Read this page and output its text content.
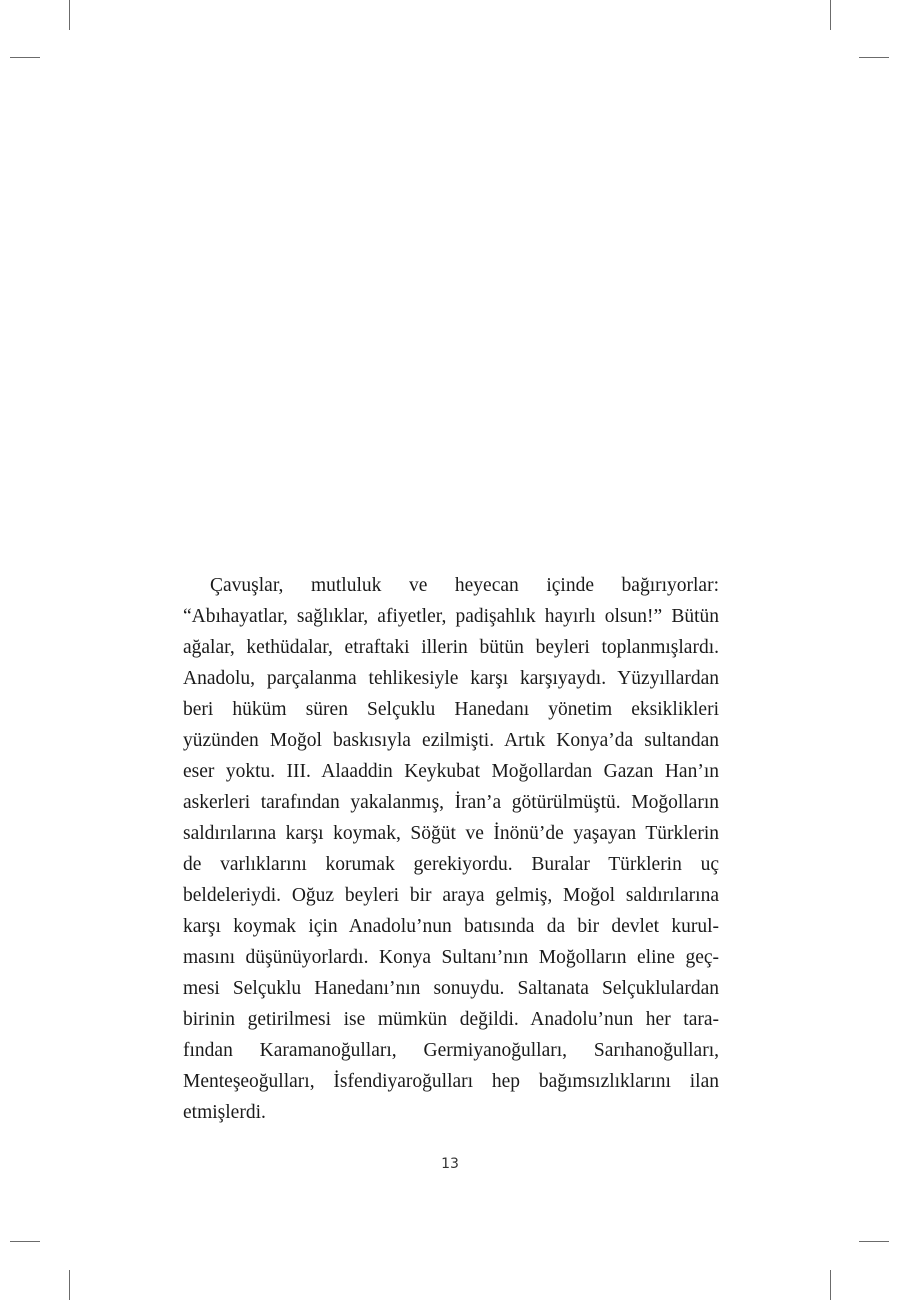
Çavuşlar, mutluluk ve heyecan içinde bağırıyorlar:
“Abıhayatlar, sağlıklar, afiyetler, padişahlık hayırlı olsun!” Bütün
ağalar, kethüdalar, etraftaki illerin bütün beyleri toplanmışlardı.
Anadolu, parçalanma tehlikesiyle karşı karşıyaydı. Yüzyıllardan
beri hüküm süren Selçuklu Hanedanı yönetim eksiklikleri
yüzünden Moğol baskısıyla ezilmişti. Artık Konya’da sultandan
eser yoktu. III. Alaaddin Keykubat Moğollardan Gazan Han’ın
askerleri tarafından yakalanmış, İran’a götürülmüştü. Moğolların
saldırılarına karşı koymak, Söğüt ve İnönü’de yaşayan Türklerin
de varlıklarını korumak gerekiyordu. Buralar Türklerin uç
beldeleriydi. Oğuz beyleri bir araya gelmiş, Moğol saldırılarına
karşı koymak için Anadolu’nun batısında da bir devlet kurul-
masını düşünüyorlardı. Konya Sultanı’nın Moğolların eline geç-
mesi Selçuklu Hanedanı’nın sonuydu. Saltanata Selçuklulardan
birinin getirilmesi ise mümkün değildi. Anadolu’nun her tara-
fından Karamanoğulları, Germiyanoğulları, Sarıhanoğulları,
Menteşeoğulları, İsfendiyaroğulları hep bağımsızlıklarını ilan
etmişlerdi.
13
